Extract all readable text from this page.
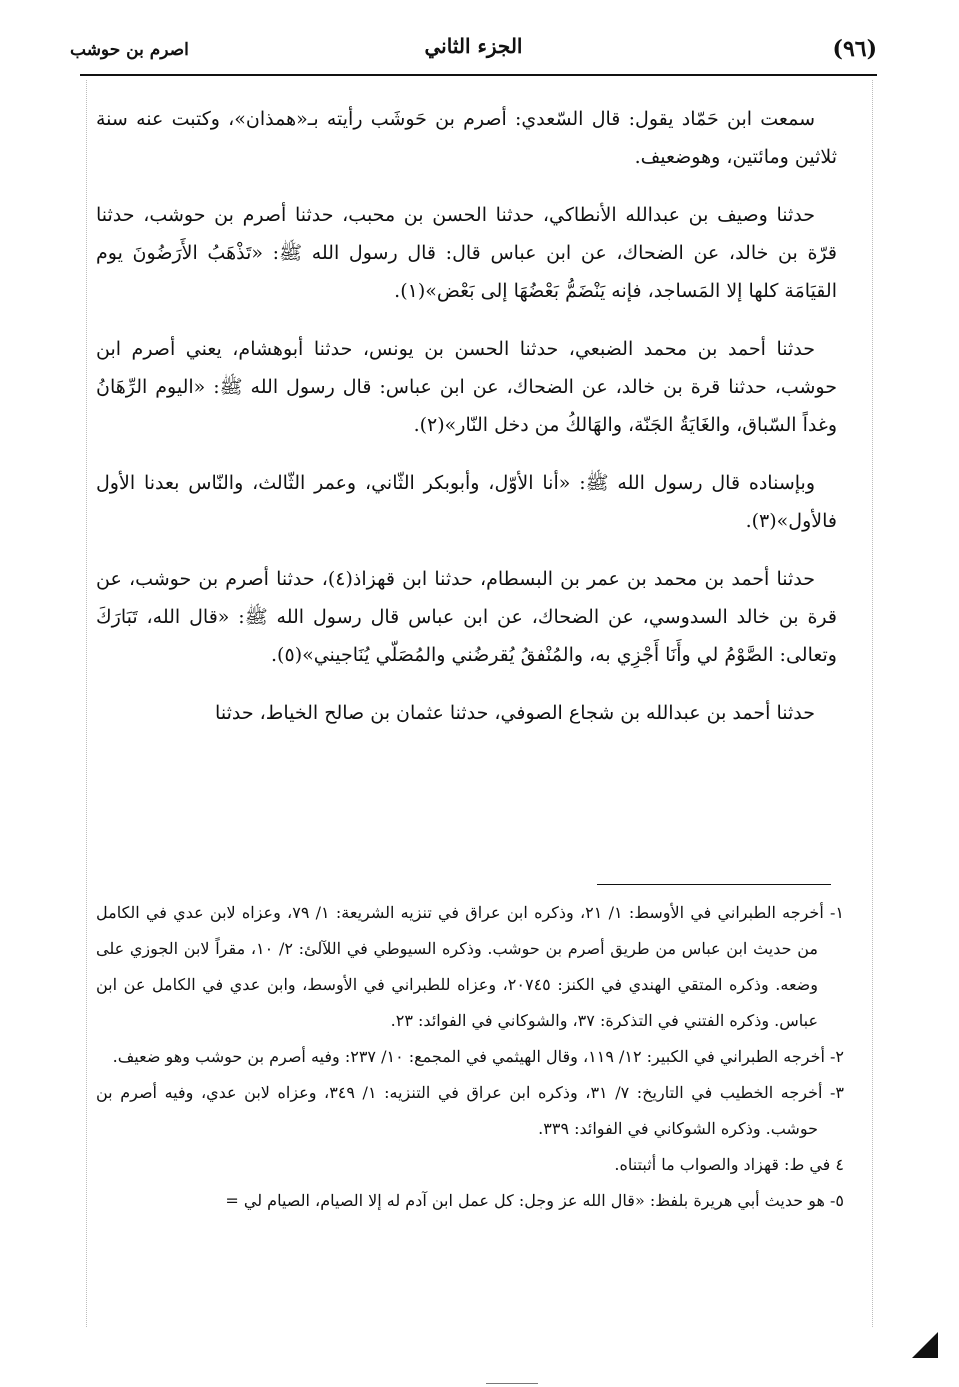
(٩٦)
الجزء الثاني
اصرم بن حوشب

سمعت ابن حَمّاد يقول: قال السّعدي: أصرم بن حَوشَب رأيته بـ«همذان»، وكتبت عنه سنة ثلاثين ومائتين، وهوضعيف.

حدثنا وصيف بن عبدالله الأنطاكي، حدثنا الحسن بن محبب، حدثنا أصرم بن حوشب، حدثنا قرّة بن خالد، عن الضحاك، عن ابن عباس قال: قال رسول الله ﷺ: «تَذْهَبُ الأَرَضُونَ يوم القيَامَة كلها إلا المَساجد، فإنه يَنْضَمُّ بَعْضُهَا إلى بَعْض»(١).

حدثنا أحمد بن محمد الضبعي، حدثنا الحسن بن يونس، حدثنا أبوهشام، يعني أصرم ابن حوشب، حدثنا قرة بن خالد، عن الضحاك، عن ابن عباس: قال رسول الله ﷺ: «اليوم الرِّهَانُ وغداً السّباق، والغَايَةُ الجَنّة، والهَالكُ من دخل النّار»(٢).

وبإسناده قال رسول الله ﷺ: «أنا الأوّل، وأبوبكر الثّاني، وعمر الثّالث، والنّاس بعدنا الأول فالأول»(٣).

حدثنا أحمد بن محمد بن عمر بن البسطام، حدثنا ابن قهزاذ(٤)، حدثنا أصرم بن حوشب، عن قرة بن خالد السدوسي، عن الضحاك، عن ابن عباس قال رسول الله ﷺ: «قال الله، تَبَارَكَ وتعالى: الصَّوْمُ لي وأَنَا أَجْزِي به، والمُنْفقُ يُقرضُني والمُصَلّي يُنَاجيني»(٥).

حدثنا أحمد بن عبدالله بن شجاع الصوفي، حدثنا عثمان بن صالح الخياط، حدثنا

١- أخرجه الطبراني في الأوسط: ١/ ٢١، وذكره ابن عراق في تنزيه الشريعة: ١/ ٧٩، وعزاه لابن عدي في الكامل من حديث ابن عباس من طريق أصرم بن حوشب. وذكره السيوطي في اللآلئ: ٢/ ١٠، مقراً لابن الجوزي على وضعه. وذكره المتقي الهندي في الكنز: ٢٠٧٤٥، وعزاه للطبراني في الأوسط، وابن عدي في الكامل عن ابن عباس. وذكره الفتني في التذكرة: ٣٧، والشوكاني في الفوائد: ٢٣.

٢- أخرجه الطبراني في الكبير: ١٢/ ١١٩، وقال الهيثمي في المجمع: ١٠/ ٢٣٧: وفيه أصرم بن حوشب وهو ضعيف.

٣- أخرجه الخطيب في التاريخ: ٧/ ٣١، وذكره ابن عراق في التنزيه: ١/ ٣٤٩، وعزاه لابن عدي، وفيه أصرم بن حوشب. وذكره الشوكاني في الفوائد: ٣٣٩.

٤ في ط: قهزاد والصواب ما أثبتناه.

٥- هو حديث أبي هريرة بلفظ: «قال الله عز وجل: كل عمل ابن آدم له إلا الصيام، الصيام لي =
